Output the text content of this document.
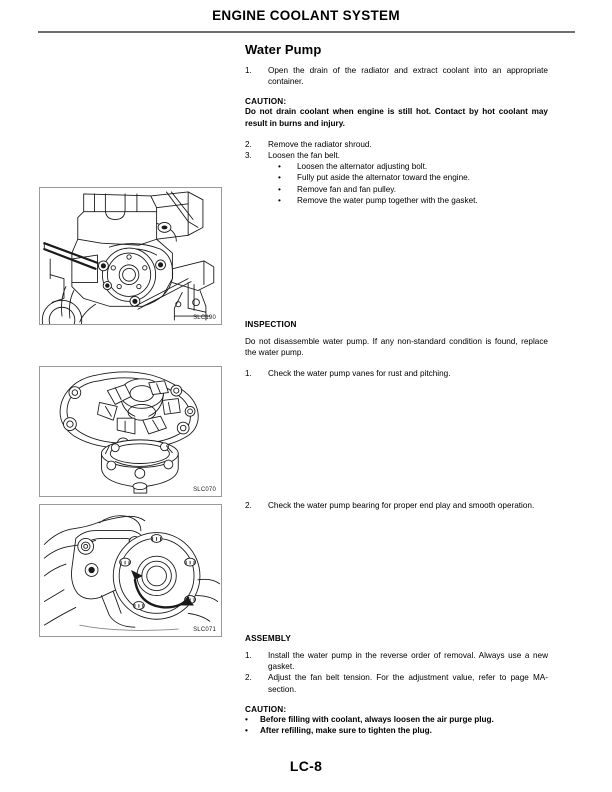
ENGINE COOLANT SYSTEM
SLC190
SLC070
SLC071
Water Pump
1.	Open the drain of the radiator and extract coolant into an appropriate container.
CAUTION:
Do not drain coolant when engine is still hot. Contact by hot coolant may result in burns and injury.
2.	Remove the radiator shroud.
3.	Loosen the fan belt.
•	Loosen the alternator adjusting bolt.
•	Fully put aside the alternator toward the engine.
•	Remove fan and fan pulley.
•	Remove the water pump together with the gasket.
INSPECTION
Do not disassemble water pump. If any non-standard condition is found, replace the water pump.
1.	Check the water pump vanes for rust and pitching.
2.	Check the water pump bearing for proper end play and smooth operation.
ASSEMBLY
1.	Install the water pump in the reverse order of removal. Always use a new gasket.
2.	Adjust the fan belt tension. For the adjustment value, refer to page MA-section.
CAUTION:
•	Before filling with coolant, always loosen the air purge plug.
•	After refilling, make sure to tighten the plug.
LC-8
